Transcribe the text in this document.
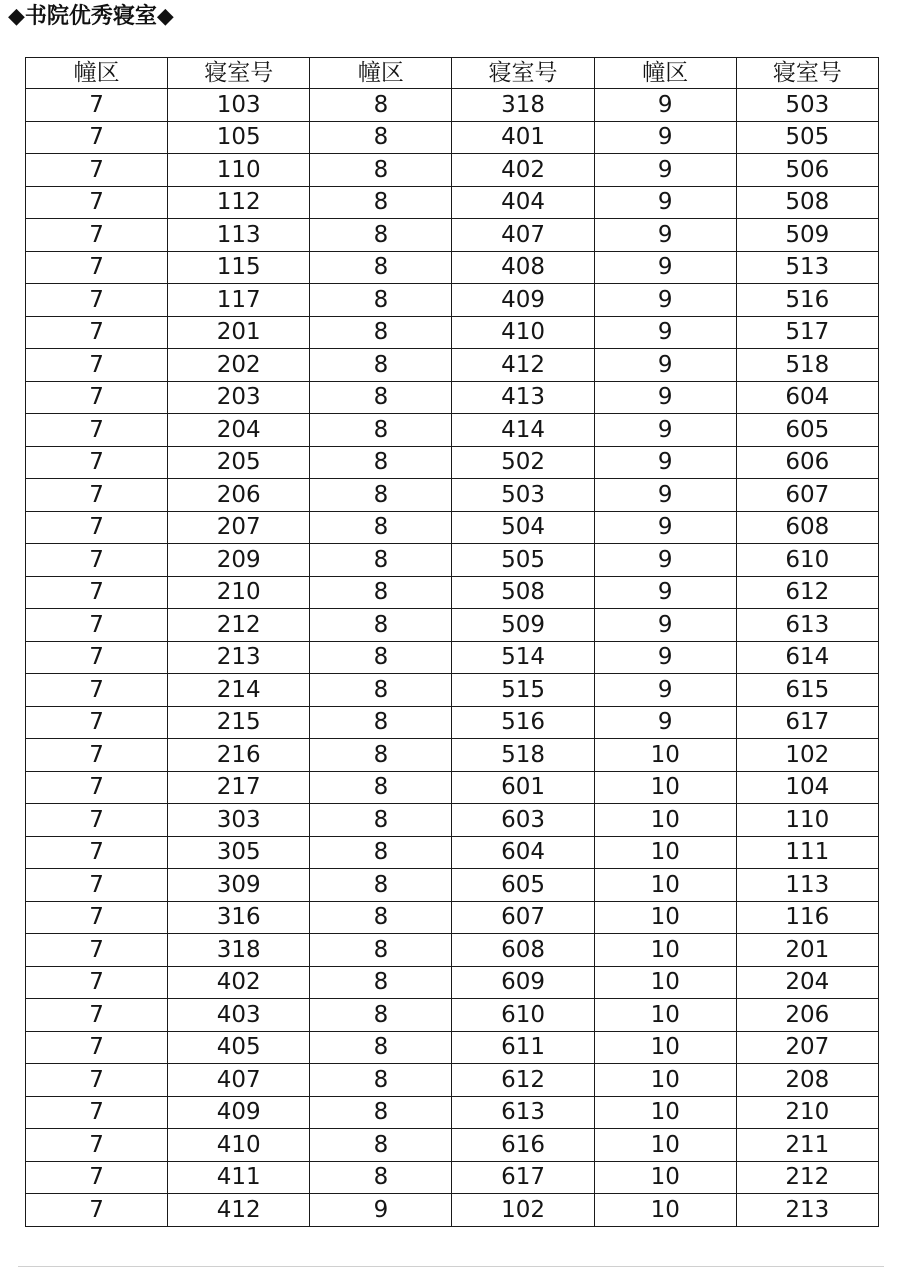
◆书院优秀寝室◆
幢区	寝室号	幢区	寝室号	幢区	寝室号
7	103	8	318	9	503
7	105	8	401	9	505
7	110	8	402	9	506
7	112	8	404	9	508
7	113	8	407	9	509
7	115	8	408	9	513
7	117	8	409	9	516
7	201	8	410	9	517
7	202	8	412	9	518
7	203	8	413	9	604
7	204	8	414	9	605
7	205	8	502	9	606
7	206	8	503	9	607
7	207	8	504	9	608
7	209	8	505	9	610
7	210	8	508	9	612
7	212	8	509	9	613
7	213	8	514	9	614
7	214	8	515	9	615
7	215	8	516	9	617
7	216	8	518	10	102
7	217	8	601	10	104
7	303	8	603	10	110
7	305	8	604	10	111
7	309	8	605	10	113
7	316	8	607	10	116
7	318	8	608	10	201
7	402	8	609	10	204
7	403	8	610	10	206
7	405	8	611	10	207
7	407	8	612	10	208
7	409	8	613	10	210
7	410	8	616	10	211
7	411	8	617	10	212
7	412	9	102	10	213
